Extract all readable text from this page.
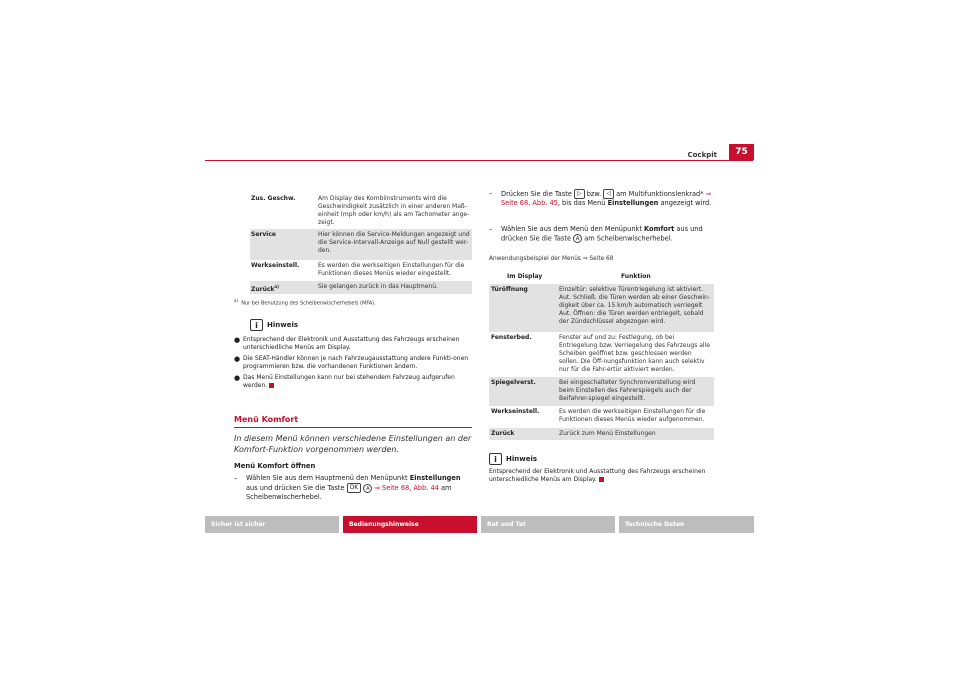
Cockpit	75
Zus. Geschw.	Am Display des Kombiinstruments wird die Geschwindigkeit zusätzlich in einer anderen Maß-einheit (mph oder km/h) als am Tachometer ange-zeigt.
Service	Hier können die Service-Meldungen angezeigt und die Service-Intervall-Anzeige auf Null gestellt wer-den.
Werkseinstell.	Es werden die werkseitigen Einstellungen für die Funktionen dieses Menüs wieder eingestellt.
Zurück$^{a)}$	Sie gelangen zurück in das Hauptmenü.
$^{a)}$  Nur bei Benutzung des Scheibenwischerhebels (MFA).
i	Hinweis
● Entsprechend der Elektronik und Ausstattung des Fahrzeugs erscheinen unterschiedliche Menüs am Display.
● Die SEAT-Händler können je nach Fahrzeugausstattung andere Funkti-onen programmieren bzw. die vorhandenen Funktionen ändern.
● Das Menü Einstellungen kann nur bei stehendem Fahrzeug aufgerufen werden.
Menü Komfort
In diesem Menü können verschiedene Einstellungen an der Komfort-Funktion vorgenommen werden.
Menü Komfort öffnen
–	Wählen Sie aus dem Hauptmenü den Menüpunkt Einstellungen aus und drücken Sie die Taste OK A ⇒ Seite 68, Abb. 44 am Scheibenwischerhebel.
–	Drücken Sie die Taste ▷ bzw. ◁ am Multifunktionslenkrad* ⇒ Seite 68, Abb. 45, bis das Menü Einstellungen angezeigt wird.
–	Wählen Sie aus dem Menü den Menüpunkt Komfort aus und drücken Sie die Taste A am Scheibenwischerhebel.
Anwendungsbeispiel der Menüs ⇒ Seite 68
Im Display	Funktion
Türöffnung	Einzeltür: selektive Türentriegelung ist aktiviert. Aut. Schließ. die Türen werden ab einer Geschwin-digkeit über ca. 15 km/h automatisch verriegelt Aut. Öffnen: die Türen werden entriegelt, sobald der Zündschlüssel abgezogen wird.
Fensterbed.	Fenster auf und zu: Festlegung, ob bei Entriegelung bzw. Verriegelung des Fahrzeugs alle Scheiben geöffnet bzw. geschlossen werden sollen. Die Öff-nungsfunktion kann auch selektiv nur für die Fahr-ertür aktiviert werden.
Spiegelverst.	Bei eingeschalteter Synchronverstellung wird beim Einstellen des Fahrerspiegels auch der Beifahrer-spiegel eingestellt.
Werkseinstell.	Es werden die werkseitigen Einstellungen für die Funktionen dieses Menüs wieder aufgenommen.
Zurück	Zurück zum Menü Einstellungen
i	Hinweis
Entsprechend der Elektronik und Ausstattung des Fahrzeugs erscheinen unterschiedliche Menüs am Display.
Sicher ist sicher	Bedienungshinweise	Rat und Tat	Technische Daten
